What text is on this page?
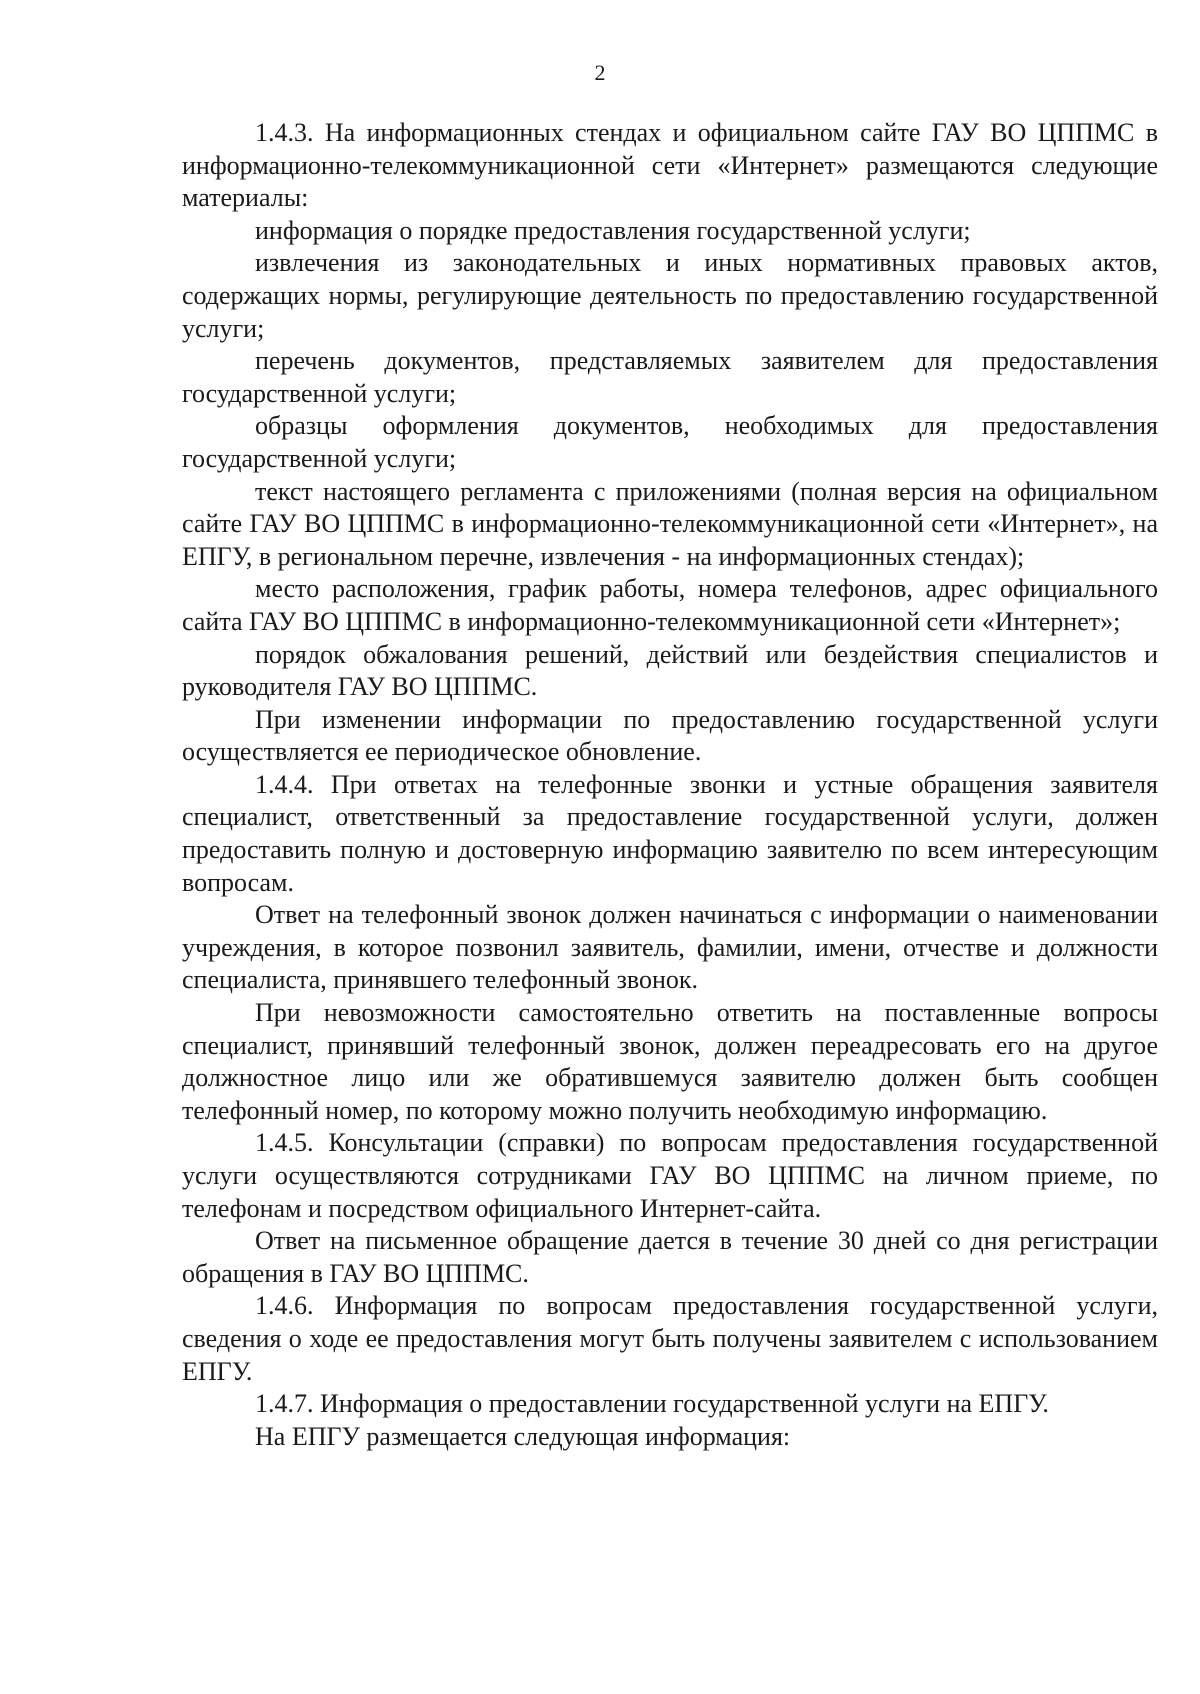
2

1.4.3. На информационных стендах и официальном сайте ГАУ ВО ЦППМС в информационно-телекоммуникационной сети «Интернет» размещаются следующие материалы:

информация о порядке предоставления государственной услуги;

извлечения из законодательных и иных нормативных правовых актов, содержащих нормы, регулирующие деятельность по предоставлению государственной услуги;

перечень документов, представляемых заявителем для предоставления государственной услуги;

образцы оформления документов, необходимых для предоставления государственной услуги;

текст настоящего регламента с приложениями (полная версия на официальном сайте ГАУ ВО ЦППМС в информационно-телекоммуникационной сети «Интернет», на ЕПГУ, в региональном перечне, извлечения - на информационных стендах);

место расположения, график работы, номера телефонов, адрес официального сайта ГАУ ВО ЦППМС в информационно-телекоммуникационной сети «Интернет»;

порядок обжалования решений, действий или бездействия специалистов и руководителя ГАУ ВО ЦППМС.

При изменении информации по предоставлению государственной услуги осуществляется ее периодическое обновление.

1.4.4. При ответах на телефонные звонки и устные обращения заявителя специалист, ответственный за предоставление государственной услуги, должен предоставить полную и достоверную информацию заявителю по всем интересующим вопросам.

Ответ на телефонный звонок должен начинаться с информации о наименовании учреждения, в которое позвонил заявитель, фамилии, имени, отчестве и должности специалиста, принявшего телефонный звонок.

При невозможности самостоятельно ответить на поставленные вопросы специалист, принявший телефонный звонок, должен переадресовать его на другое должностное лицо или же обратившемуся заявителю должен быть сообщен телефонный номер, по которому можно получить необходимую информацию.

1.4.5. Консультации (справки) по вопросам предоставления государственной услуги осуществляются сотрудниками ГАУ ВО ЦППМС на личном приеме, по телефонам и посредством официального Интернет-сайта.

Ответ на письменное обращение дается в течение 30 дней со дня регистрации обращения в ГАУ ВО ЦППМС.

1.4.6. Информация по вопросам предоставления государственной услуги, сведения о ходе ее предоставления могут быть получены заявителем с использованием ЕПГУ.

1.4.7. Информация о предоставлении государственной услуги на ЕПГУ.

На ЕПГУ размещается следующая информация:
